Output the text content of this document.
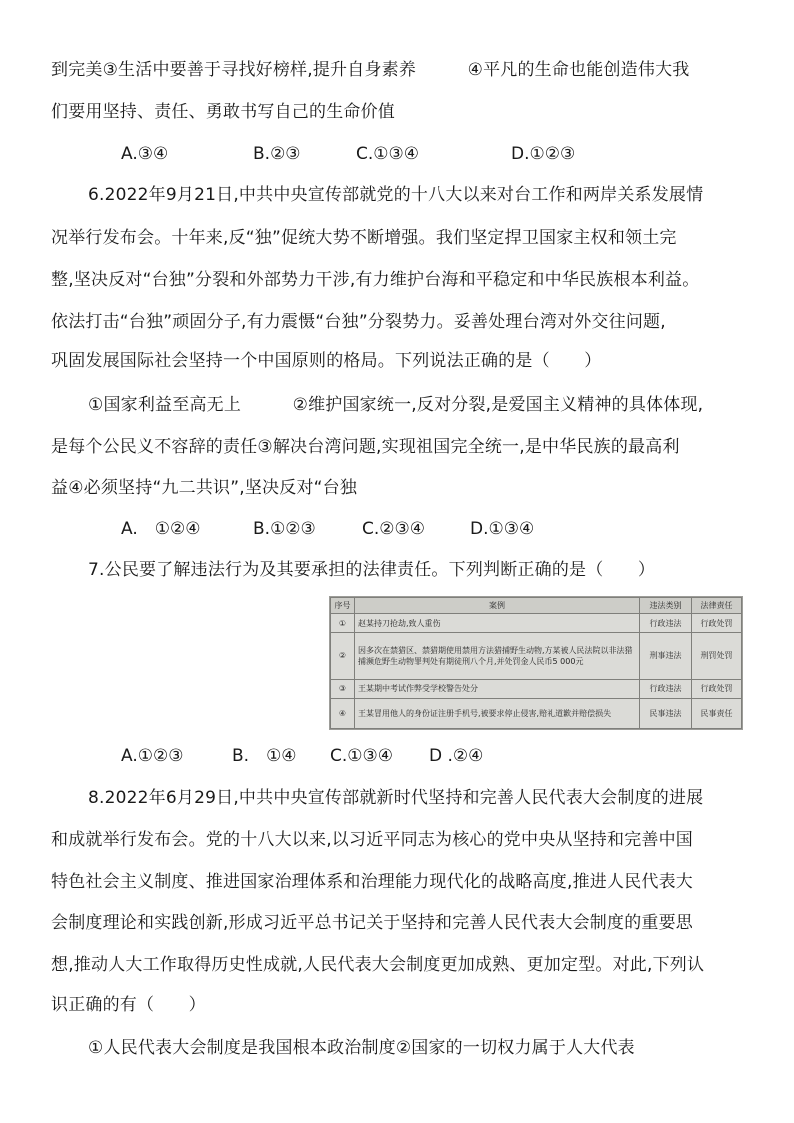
到完美③生活中要善于寻找好榜样,提升自身素养　　　④平凡的生命也能创造伟大我
们要用坚持、责任、勇敢书写自己的生命价值
A.③④	B.②③	C.①③④	D.①②③
6.2022年9月21日,中共中央宣传部就党的十八大以来对台工作和两岸关系发展情
况举行发布会。十年来,反“独”促统大势不断增强。我们坚定捍卫国家主权和领土完
整,坚决反对“台独”分裂和外部势力干涉,有力维护台海和平稳定和中华民族根本利益。
依法打击“台独”顽固分子,有力震慑“台独”分裂势力。妥善处理台湾对外交往问题,
巩固发展国际社会坚持一个中国原则的格局。下列说法正确的是（　　）
①国家利益至高无上　　　②维护国家统一,反对分裂,是爱国主义精神的具体体现,
是每个公民义不容辞的责任③解决台湾问题,实现祖国完全统一,是中华民族的最高利
益④必须坚持“九二共识”,坚决反对“台独
A.　①②④	B.①②③	C.②③④	D.①③④
7.公民要了解违法行为及其要承担的法律责任。下列判断正确的是（　　）
序号	案例	违法类别	法律责任
①	赵某持刀抢劫,致人重伤	行政违法	行政处罚
②	因多次在禁猎区、禁猎期使用禁用方法猎捕野生动物,方某被人民法院以非法猎捕濒危野生动物罪判处有期徒刑八个月,并处罚金人民币5 000元	刑事违法	刑罚处罚
③	王某期中考试作弊受学校警告处分	行政违法	行政处罚
④	王某冒用他人的身份证注册手机号,被要求停止侵害,赔礼道歉并赔偿损失	民事违法	民事责任
A.①②③	B.　①④ C.①③④ D .②④
8.2022年6月29日,中共中央宣传部就新时代坚持和完善人民代表大会制度的进展
和成就举行发布会。党的十八大以来,以习近平同志为核心的党中央从坚持和完善中国
特色社会主义制度、推进国家治理体系和治理能力现代化的战略高度,推进人民代表大
会制度理论和实践创新,形成习近平总书记关于坚持和完善人民代表大会制度的重要思
想,推动人大工作取得历史性成就,人民代表大会制度更加成熟、更加定型。对此,下列认
识正确的有（　　）
①人民代表大会制度是我国根本政治制度②国家的一切权力属于人大代表
